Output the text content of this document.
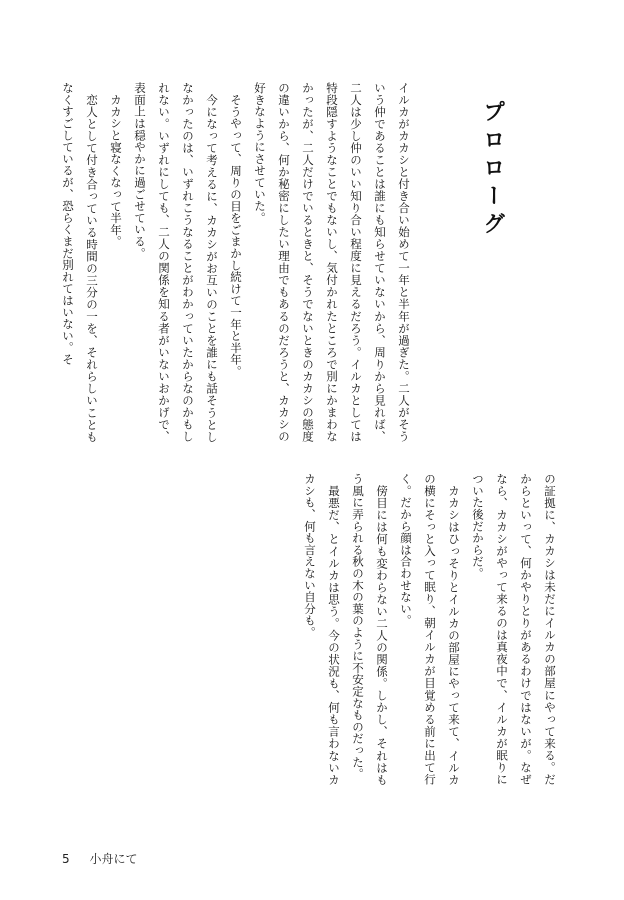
プロローグ

イルカがカカシと付き合い始めて一年と半年が過ぎた。二人がそういう仲であることは誰にも知らせていないから、周りから見れば、二人は少し仲のいい知り合い程度に見えるだろう。イルカとしては特段隠すようなことでもないし、気付かれたところで別にかまわなかったが、二人だけでいるときと、そうでないときのカカシの態度の違いから、何か秘密にしたい理由でもあるのだろうと、カカシの好きなようにさせていた。

そうやって、周りの目をごまかし続けて一年と半年。

今になって考えるに、カカシがお互いのことを誰にも話そうとしなかったのは、いずれこうなることがわかっていたからなのかもしれない。いずれにしても、二人の関係を知る者がいないおかげで、表面上は穏やかに過ごせている。

カカシと寝なくなって半年。

恋人として付き合っている時間の三分の一を、それらしいこともなくすごしているが、恐らくまだ別れてはいない。そ

の証拠に、カカシは未だにイルカの部屋にやって来る。だからといって、何かやりとりがあるわけではないが。なぜなら、カカシがやって来るのは真夜中で、イルカが眠りについた後だからだ。

カカシはひっそりとイルカの部屋にやって来て、イルカの横にそっと入って眠り、朝イルカが目覚める前に出て行く。だから顔は合わせない。

傍目には何も変わらない二人の関係。しかし、それはもう風に弄られる秋の木の葉のように不安定なものだった。

最悪だ、とイルカは思う。今の状況も、何も言わないカカシも、何も言えない自分も。

5 小舟にて
